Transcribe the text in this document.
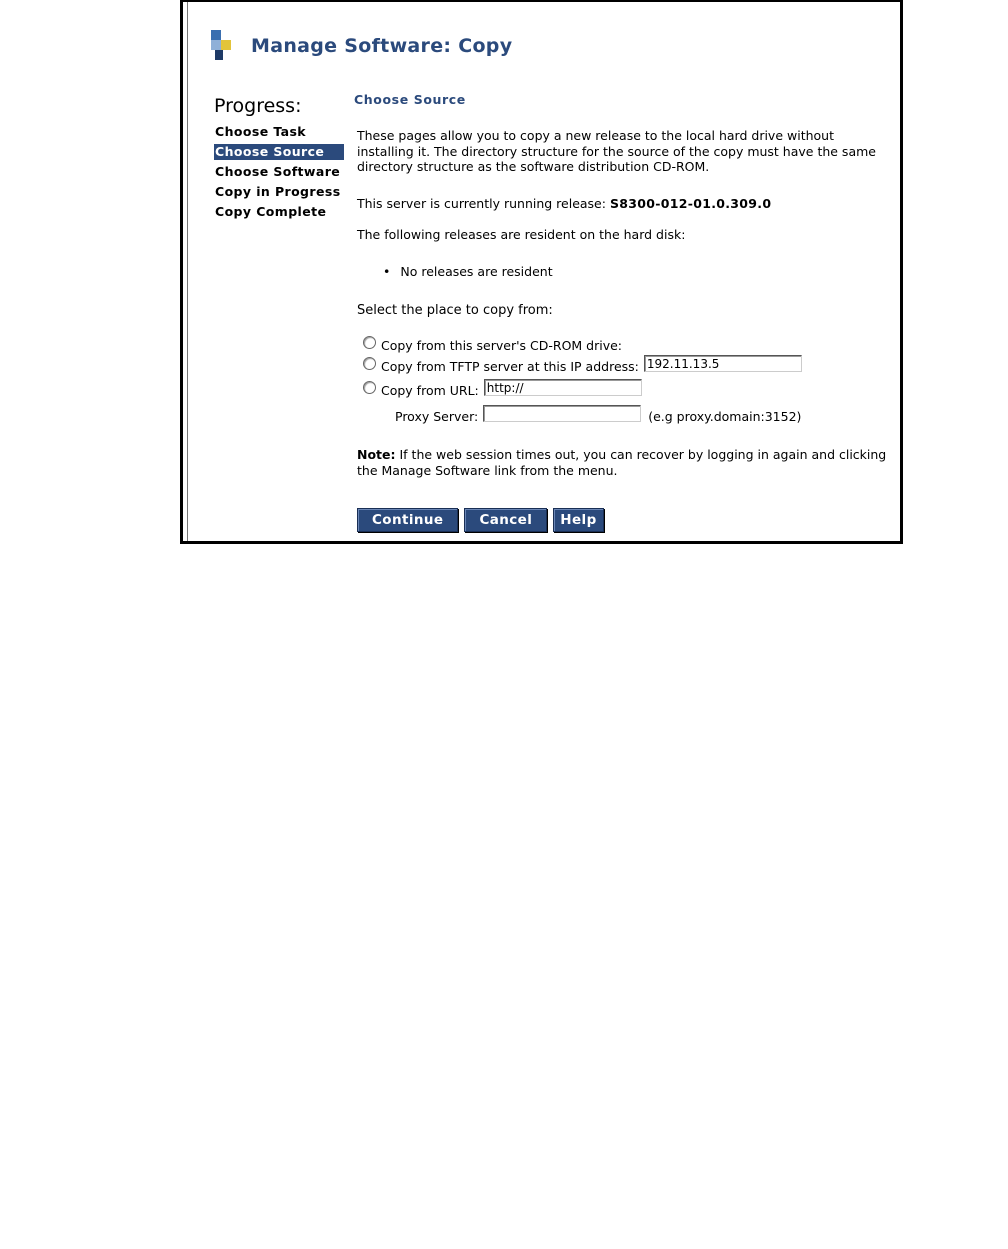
Manage Software: Copy
Progress:
Choose Task
Choose Source
Choose Software
Copy in Progress
Copy Complete
Choose Source

These pages allow you to copy a new release to the local hard drive without installing it. The directory structure for the source of the copy must have the same directory structure as the software distribution CD-ROM.

This server is currently running release: S8300-012-01.0.309.0
The following releases are resident on the hard disk:
• No releases are resident
Select the place to copy from:
Copy from this server's CD-ROM drive:
Copy from TFTP server at this IP address:
192.11.13.5
Copy from URL:
http://
Proxy Server:	(e.g proxy.domain:3152)

Note: If the web session times out, you can recover by logging in again and clicking the Manage Software link from the menu.

Continue	Cancel	Help
